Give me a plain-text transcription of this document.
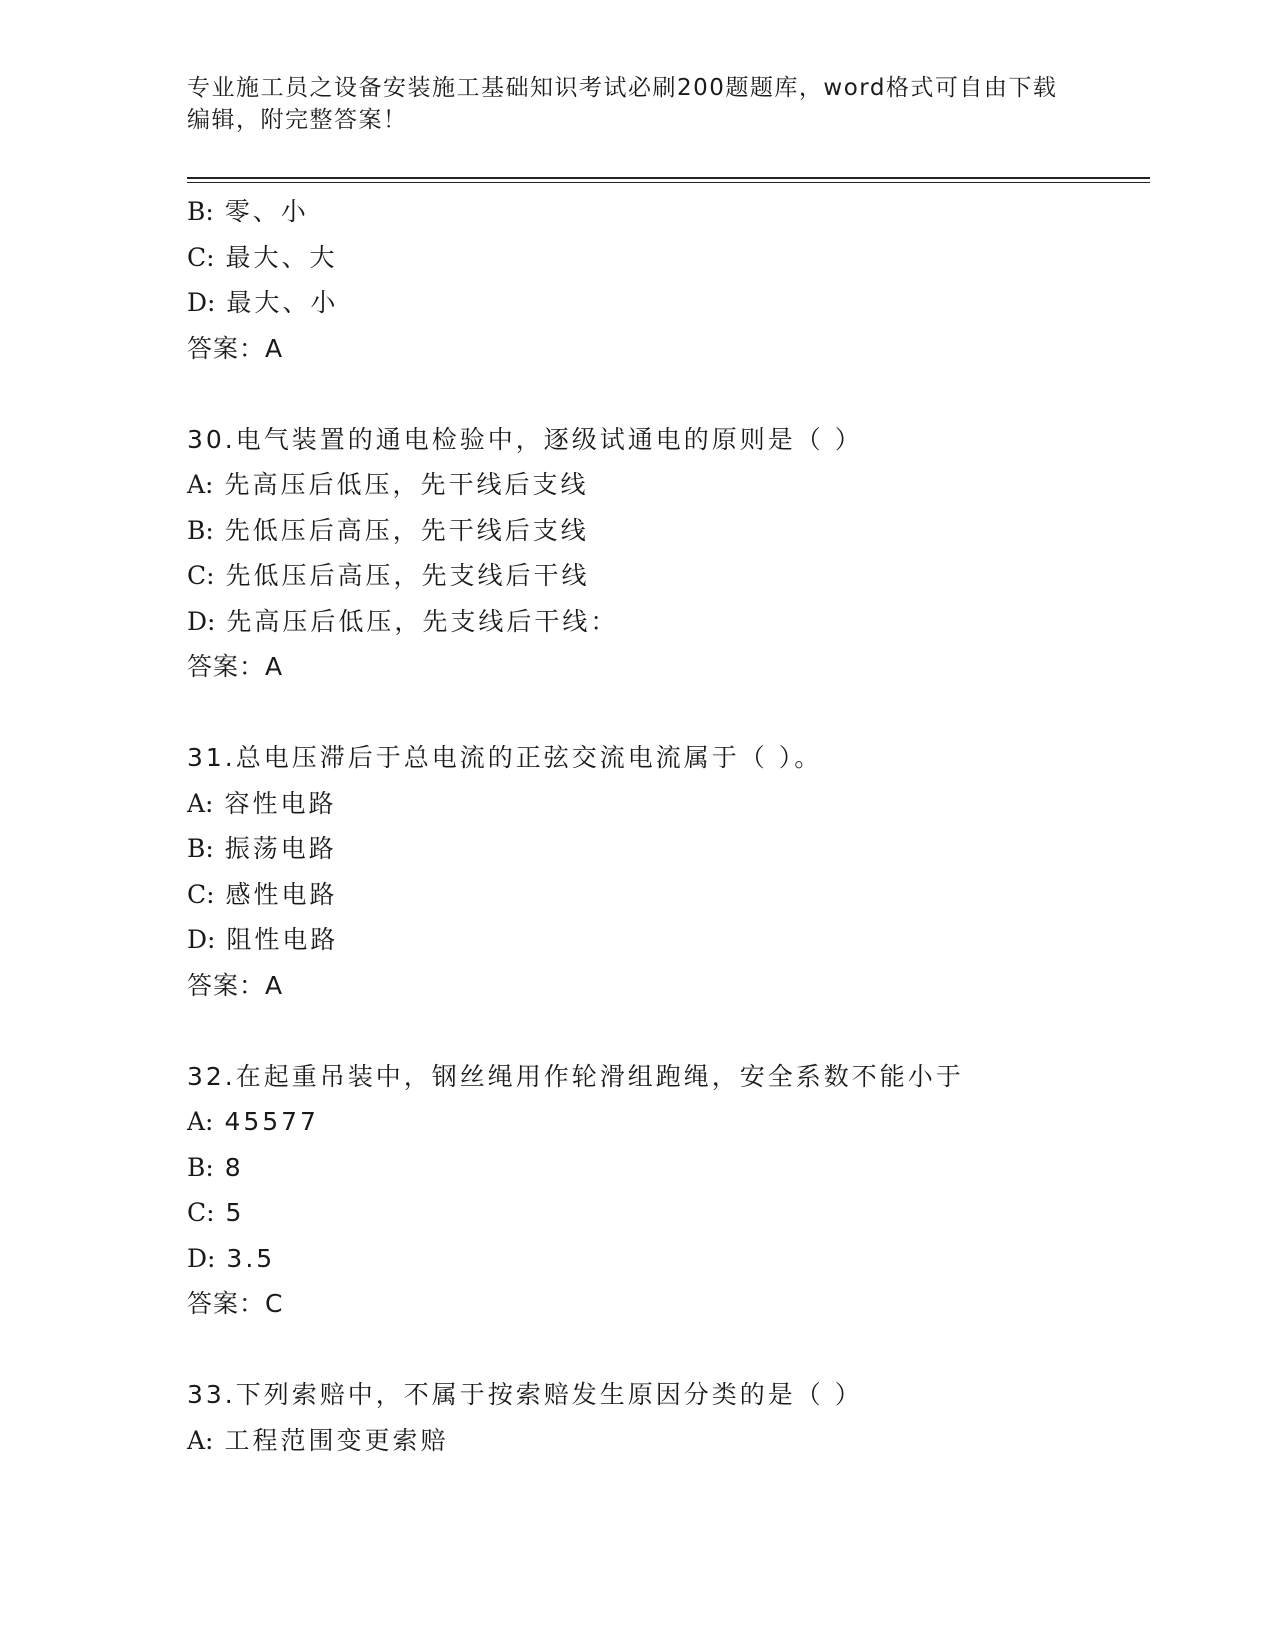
专业施工员之设备安装施工基础知识考试必刷200题题库，word格式可自由下载
编辑，附完整答案！
B: 零、小
C: 最大、大
D: 最大、小
答案：A
30.电气装置的通电检验中，逐级试通电的原则是（ ）
A: 先高压后低压，先干线后支线
B: 先低压后高压，先干线后支线
C: 先低压后高压，先支线后干线
D: 先高压后低压，先支线后干线：
答案：A
31.总电压滞后于总电流的正弦交流电流属于（ ）。
A: 容性电路
B: 振荡电路
C: 感性电路
D: 阻性电路
答案：A
32.在起重吊装中，钢丝绳用作轮滑组跑绳，安全系数不能小于
A: 45577
B: 8
C: 5
D: 3.5
答案：C
33.下列索赔中，不属于按索赔发生原因分类的是（ ）
A: 工程范围变更索赔
